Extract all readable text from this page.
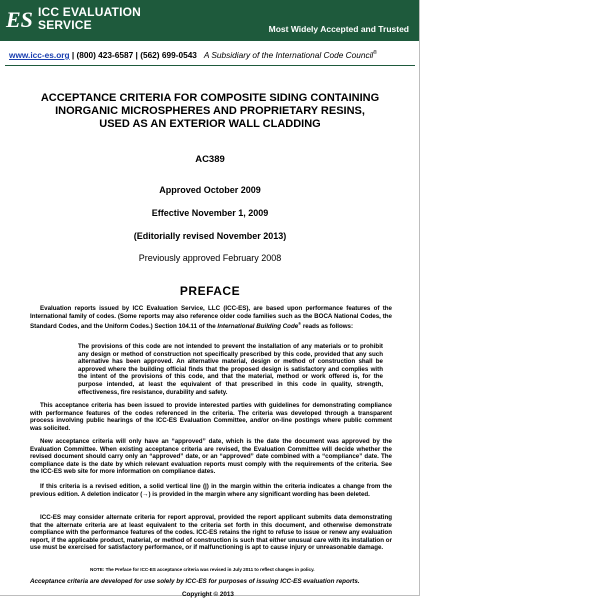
ES ICC EVALUATION
SERVICE	Most Widely Accepted and Trusted
www.icc-es.org | (800) 423-6587 | (562) 699-0543 A Subsidiary of the International Code Council®
ACCEPTANCE CRITERIA FOR COMPOSITE SIDING CONTAINING
INORGANIC MICROSPHERES AND PROPRIETARY RESINS,
USED AS AN EXTERIOR WALL CLADDING
AC389
Approved October 2009
Effective November 1, 2009
(Editorially revised November 2013)
Previously approved February 2008
PREFACE
Evaluation reports issued by ICC Evaluation Service, LLC (ICC-ES), are based upon performance features of the International family of codes. (Some reports may also reference older code families such as the BOCA National Codes, the Standard Codes, and the Uniform Codes.) Section 104.11 of the International Building Code® reads as follows:
The provisions of this code are not intended to prevent the installation of any materials or to prohibit any design or method of construction not specifically prescribed by this code, provided that any such alternative has been approved. An alternative material, design or method of construction shall be approved where the building official finds that the proposed design is satisfactory and complies with the intent of the provisions of this code, and that the material, method or work offered is, for the purpose intended, at least the equivalent of that prescribed in this code in quality, strength, effectiveness, fire resistance, durability and safety.
This acceptance criteria has been issued to provide interested parties with guidelines for demonstrating compliance with performance features of the codes referenced in the criteria. The criteria was developed through a transparent process involving public hearings of the ICC-ES Evaluation Committee, and/or on-line postings where public comment was solicited.
New acceptance criteria will only have an “approved” date, which is the date the document was approved by the Evaluation Committee. When existing acceptance criteria are revised, the Evaluation Committee will decide whether the revised document should carry only an “approved” date, or an “approved” date combined with a “compliance” date. The compliance date is the date by which relevant evaluation reports must comply with the requirements of the criteria. See the ICC-ES web site for more information on compliance dates.
If this criteria is a revised edition, a solid vertical line (|) in the margin within the criteria indicates a change from the previous edition. A deletion indicator (→) is provided in the margin where any significant wording has been deleted.
ICC-ES may consider alternate criteria for report approval, provided the report applicant submits data demonstrating that the alternate criteria are at least equivalent to the criteria set forth in this document, and otherwise demonstrate compliance with the performance features of the codes. ICC-ES retains the right to refuse to issue or renew any evaluation report, if the applicable product, material, or method of construction is such that either unusual care with its installation or use must be exercised for satisfactory performance, or if malfunctioning is apt to cause injury or unreasonable damage.
NOTE: The Preface for ICC-ES acceptance criteria was revised in July 2011 to reflect changes in policy.
Acceptance criteria are developed for use solely by ICC-ES for purposes of issuing ICC-ES evaluation reports.
Copyright © 2013
